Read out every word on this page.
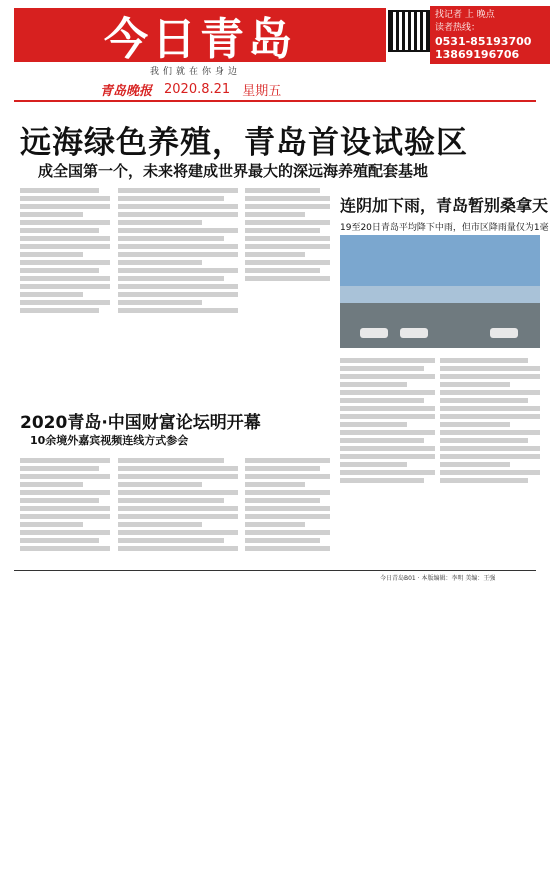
今日青岛
我们就在你身边
找记者 上 晚点
读者热线：
0531-85193700
13869196706
青岛晚报 2020.8.21 星期五
远海绿色养殖，青岛首设试验区
成全国第一个，未来将建成世界最大的深远海养殖配套基地
连阴加下雨，青岛暂别桑拿天
19至20日青岛平均降下中雨，但市区降雨量仅为1毫
2020青岛·中国财富论坛明开幕
10余境外嘉宾视频连线方式参会
今日青岛B01 · 本版编辑：李明 美编：王强
